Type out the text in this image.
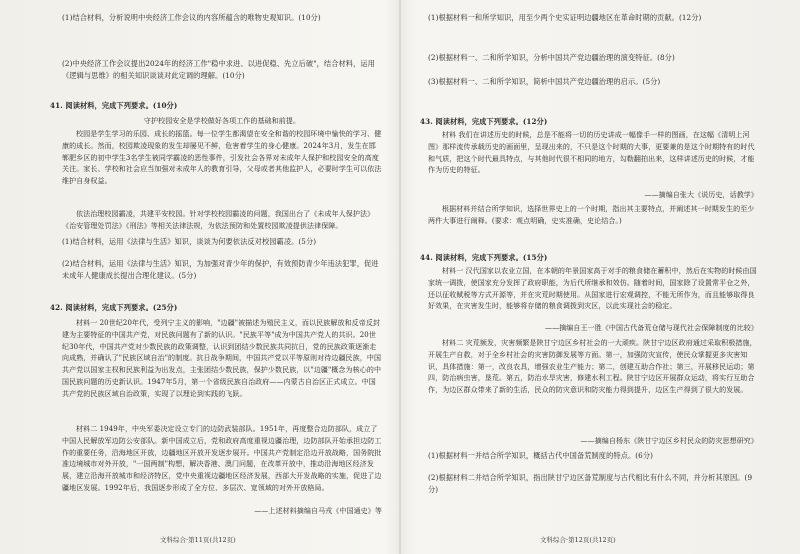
(1)结合材料，分析说明中央经济工作会议的内容所蕴含的唯物史观知识。(10分)
(2)中央经济工作会议提出2024年的经济工作"稳中求进、以进促稳、先立后破"，结合材料，运用《逻辑与思维》的相关知识谈谈对此定调的理解。(10分)
41. 阅读材料，完成下列要求。(10分)
守护校园安全是学校做好各项工作的基础和前提。
校园是学生学习的乐园、成长的摇篮。每一位学生都渴望在安全和谐的校园环境中愉快的学习、健康的成长。然而，校园欺凌现象的发生却屡见不鲜，危害着学生的身心健康。2024年3月，发生在邯郸肥乡区的初中学生3名学生被同学霸凌的恶性事件，引发社会各界对未成年人保护和校园安全的高度关注。家长、学校和社会应当加强对未成年人的教育引导，父母或者其他监护人，必要时学生可以依法维护自身权益。
依法治理校园霸凌，共建平安校园。针对学校校园霸凌的问题，我国出台了《未成年人保护法》《治安管理处罚法》《刑法》等相关法律法规，为依法预防和处置校园欺凌提供法律保障。
(1)结合材料，运用《法律与生活》知识，谈谈为何要依法反对校园霸凌。(5分)
(2)结合材料，运用《法律与生活》知识，为加强对青少年的保护，有效预防青少年违法犯罪，促进未成年人健康成长提出合理化建议。(5分)
42. 阅读材料，完成下列要求。(25分)
材料一 20世纪20年代，受列宁主义的影响，"边疆"被描述为殖民主义，而以民族解放和反帝反封建为主要特征的中国共产党，对民族问题有了新的认识。"民族平等"成为中国共产党人的共识。20世纪30年代，中国共产党对少数民族的政策调整，认识到团结少数民族共同抗日，党的民族政策逐渐走向成熟，并确认了"民族区域自治"的制度。抗日战争期间，中国共产党以平等原则对待边疆民族，中国共产党以国家主权和民族利益为出发点，主张团结少数民族，保护少数民族，以"边疆"概念为核心的中国民族问题的历史新认识。1947年5月，第一个省级民族自治政府——内蒙古自治区正式成立。中国共产党的民族区域自治政策，实现了以理论到实践的飞跃。
材料二 1949年，中央军委决定设立专门的边防武装部队。1951年，再度整合边防部队，成立了中国人民解放军边防公安部队。新中国成立后，党和政府高度重视边疆治理，边防部队开始承担边防工作的重要任务，沿海地区开放，边疆地区开放开发逐步展开。中国共产党制定沿边开放战略，国务院批准边境城市对外开放，"一国两制"构想，解决香港、澳门问题，在改革开放中，推动沿海地区经济发展，建立沿海开放城市和经济特区，党中央重视边疆地区经济发展，西部大开发战略的实施，促进了边疆地区发展。1992年后，我国逐步形成了全方位、多层次、宽领域的对外开放格局。
——上述材料摘编自马戎《中国通史》等
文科综合·第11页(共12页)
(1)根据材料一和所学知识，用至少两个史实证明边疆地区在革命时期的贡献。(12分)
(2)根据材料一、二和所学知识，分析中国共产党边疆治理的演变特征。(8分)
(3)根据材料一、二和所学知识，简析中国共产党边疆治理的启示。(5分)
43. 阅读材料，完成下列要求。(12分)
材料 我们在讲述历史的时候，总是不能将一切的历史讲成一幅像手一样的图画，在这幅《清明上河图》那样流传承载历史的画面里，呈现出来的，不只是这个时期的大事，更要兼的是这个时期特有的时代和气质，把这个时代最具特点，与其他时代很不相同的地方，勾勒翻拍出来，这样讲述历史的时候，才能作为历史的特征。
——摘编自张大《说历史，话教学》
根据材料并结合所学知识，选择世界史上的一个时期，指出其主要特点，并阐述其一时期发生的至少两件大事进行阐释。(要求：观点明确，史实准确，史论结合。)
44. 阅读材料，完成下列要求。(15分)
材料一 汉代国家以农业立国，在本朝的年景国家高于对手的粮食储在蓄积中，然后在实物的时候由国家统一调拨，使国家充分发挥了政府职能，为后代所继承和效仿。随着时间，国家除了设置常平仓之外，还以征收赋税等方式开源等，并在灾荒时期使用。从国家进行宏观调控，不能无所作为，而且能够取得良好效果，在灾害发生时，能够将存储的粮食调拨到灾区，以此实现社会的稳定。
——摘编自王一胜《中国古代备荒仓储与现代社会保障制度的比较》
材料二 灾荒频发，灾害频繁是陕甘宁边区乡村社会的一大顽疾。陕甘宁边区政府通过采取积极措施，开展生产自救，对于全乡村社会的灾害防御发展等方面。第一，加强防灾宣传，使民众掌握更多灾害知识，具体措施：第一，改良农具，增强农业生产能力；第二，创建互助合作社；第三，开展移民运动；第四，防治病虫害，垦荒。第五，防治水旱灾害，修建水利工程。陕甘宁边区开展群众运动，将实行互助合作，为边区群众带来了新的生活，民众的防灾意识和防灾能力得到提升，边区生产得到了很大的发展。
——摘编自杨东《陕甘宁边区乡村民众的防灾思想研究》
(1)根据材料一并结合所学知识，概括古代中国备荒制度的特点。(6分)
(2)根据材料二并结合所学知识，指出陕甘宁边区备荒制度与古代相比有什么不同，并分析其原因。(9分)
文科综合·第12页(共12页)
